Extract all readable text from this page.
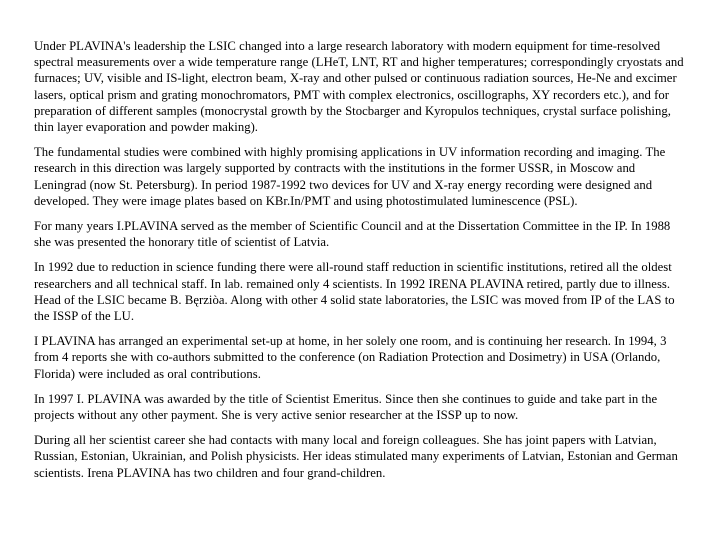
Under PLAVINA's leadership the LSIC changed into a large research laboratory with modern equipment for time-resolved spectral measurements over a wide temperature range (LHeT, LNT, RT and higher temperatures; correspondingly cryostats and furnaces; UV, visible and IS-light, electron beam, X-ray and other pulsed or continuous radiation sources, He-Ne and excimer lasers, optical prism and grating monochromators, PMT with complex electronics, oscillographs, XY recorders etc.), and for preparation of different samples (monocrystal growth by the Stocbarger and Kyropulos techniques, crystal surface polishing, thin layer evaporation and powder making).

The fundamental studies were combined with highly promising applications in UV information recording and imaging. The research in this direction was largely supported by contracts with the institutions in the former USSR, in Moscow and Leningrad (now St. Petersburg). In period 1987-1992 two devices for UV and X-ray energy recording were designed and developed. They were image plates based on KBr.In/PMT and using photostimulated luminescence (PSL).

For many years I.PLAVINA served as the member of Scientific Council and at the Dissertation Committee in the IP. In 1988 she was presented the honorary title of scientist of Latvia.

In 1992 due to reduction in science funding there were all-round staff reduction in scientific institutions, retired all the oldest researchers and all technical staff. In lab. remained only 4 scientists. In 1992 IRENA PLAVINA retired, partly due to illness. Head of the LSIC became B. Bęrziòa. Along with other 4 solid state laboratories, the LSIC was moved from IP of the LAS to the ISSP of the LU.

I PLAVINA has arranged an experimental set-up at home, in her solely one room, and is continuing her research. In 1994, 3 from 4 reports she with co-authors submitted to the conference (on Radiation Protection and Dosimetry) in USA (Orlando, Florida) were included as oral contributions.

In 1997 I. PLAVINA was awarded by the title of Scientist Emeritus. Since then she continues to guide and take part in the projects without any other payment. She is very active senior researcher at the ISSP up to now.

During all her scientist career she had contacts with many local and foreign colleagues. She has joint papers with Latvian, Russian, Estonian, Ukrainian, and Polish physicists. Her ideas stimulated many experiments of Latvian, Estonian and German scientists. Irena PLAVINA has two children and four grand-children.
